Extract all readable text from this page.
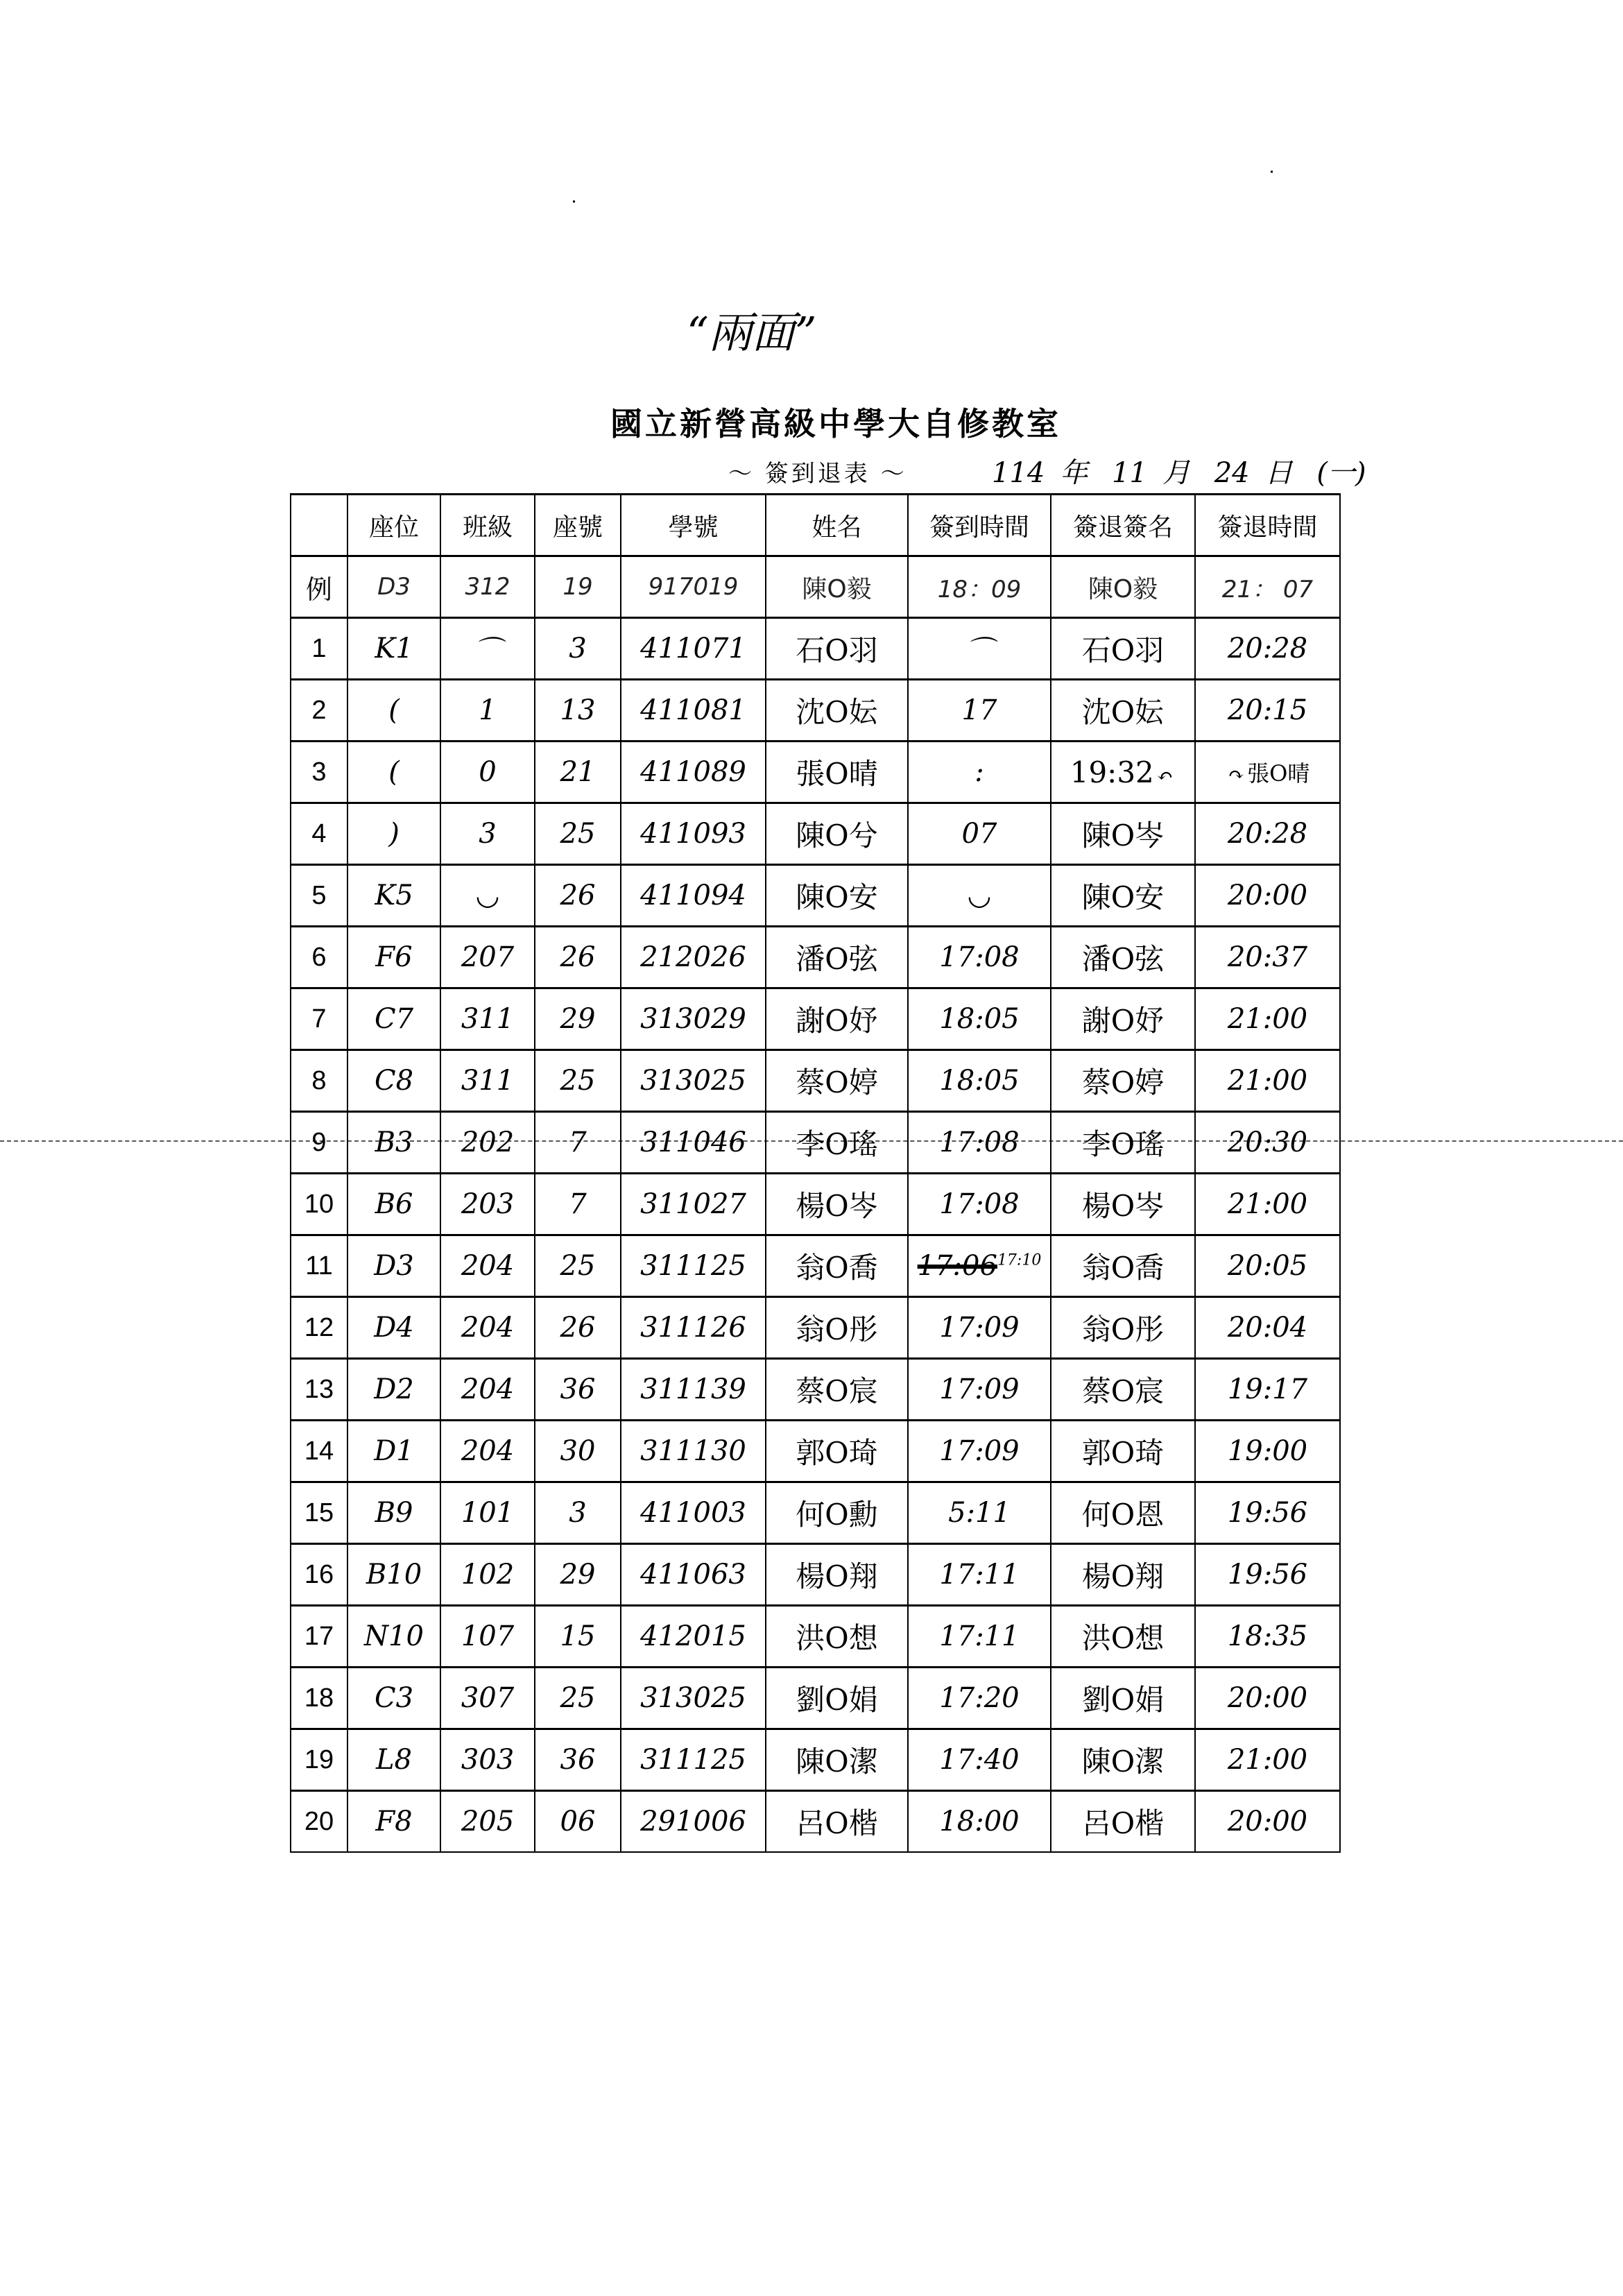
“兩面”
國立新營高級中學大自修教室
～ 簽到退表 ～	114 年 11 月 24 日 (一)
	座位	班級	座號	學號	姓名	簽到時間	簽退簽名	簽退時間
例	D3	312	19	917019	陳O毅	18：09	陳O毅	21： 07
1	K1	⌒	3	411071	石O羽	⌒	石O羽	20:28
2	(	1	13	411081	沈O妘	17	沈O妘	20:15
3	(	0	21	411089	張O晴	:	19:32 ↶	↷ 張O晴
4	)	3	25	411093	陳O兮	07	陳O岑	20:28
5	K5	◡	26	411094	陳O安	◡	陳O安	20:00
6	F6	207	26	212026	潘O弦	17:08	潘O弦	20:37
7	C7	311	29	313029	謝O妤	18:05	謝O妤	21:00
8	C8	311	25	313025	蔡O婷	18:05	蔡O婷	21:00
9	B3	202	7	311046	李O瑤	17:08	李O瑤	20:30
10	B6	203	7	311027	楊O岑	17:08	楊O岑	21:00
11	D3	204	25	311125	翁O喬	$17:06^{17:10}$	翁O喬	20:05
12	D4	204	26	311126	翁O彤	17:09	翁O彤	20:04
13	D2	204	36	311139	蔡O宸	17:09	蔡O宸	19:17
14	D1	204	30	311130	郭O琦	17:09	郭O琦	19:00
15	B9	101	3	411003	何O勳	5:11	何O恩	19:56
16	B10	102	29	411063	楊O翔	17:11	楊O翔	19:56
17	N10	107	15	412015	洪O想	17:11	洪O想	18:35
18	C3	307	25	313025	劉O娟	17:20	劉O娟	20:00
19	L8	303	36	311125	陳O潔	17:40	陳O潔	21:00
20	F8	205	06	291006	呂O楷	18:00	呂O楷	20:00
